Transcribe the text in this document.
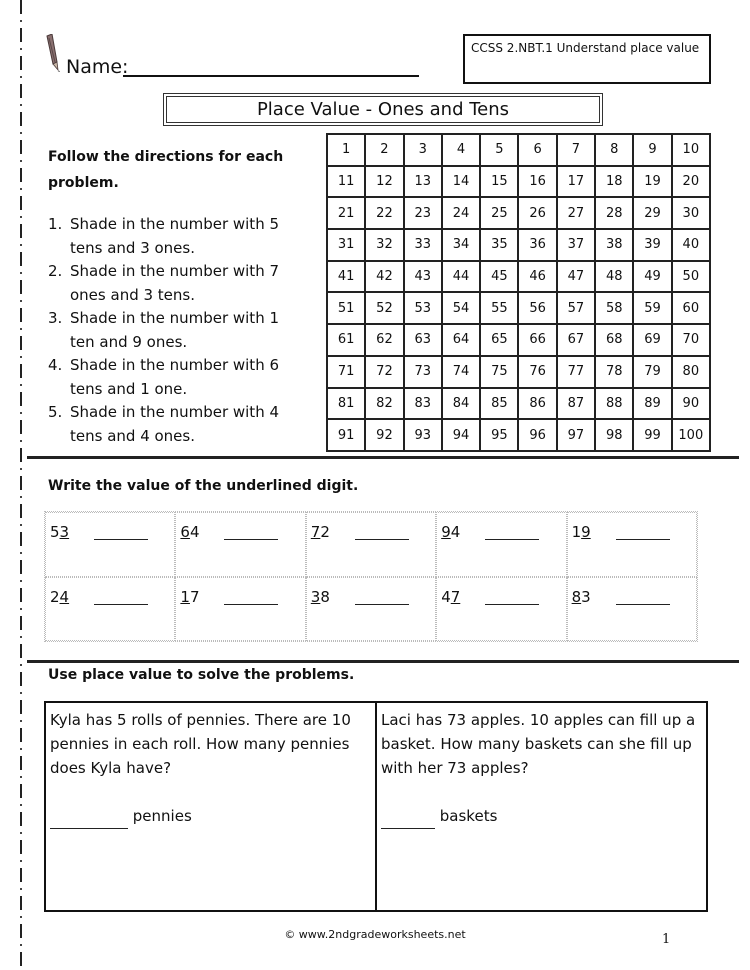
Name:
CCSS 2.NBT.1 Understand place value
Place Value - Ones and Tens
Follow the directions for each problem.
1. Shade in the number with 5 tens and 3 ones.
2. Shade in the number with 7 ones and 3 tens.
3. Shade in the number with 1 ten and 9 ones.
4. Shade in the number with 6 tens and 1 one.
5. Shade in the number with 4 tens and 4 ones.
1	2	3	4	5	6	7	8	9	10
11	12	13	14	15	16	17	18	19	20
21	22	23	24	25	26	27	28	29	30
31	32	33	34	35	36	37	38	39	40
41	42	43	44	45	46	47	48	49	50
51	52	53	54	55	56	57	58	59	60
61	62	63	64	65	66	67	68	69	70
71	72	73	74	75	76	77	78	79	80
81	82	83	84	85	86	87	88	89	90
91	92	93	94	95	96	97	98	99	100
Write the value of the underlined digit.
53	64	72	94	19
24	17	38	47	83
Use place value to solve the problems.
Kyla has 5 rolls of pennies. There are 10 pennies in each roll. How many pennies does Kyla have?
pennies
Laci has 73 apples. 10 apples can fill up a basket. How many baskets can she fill up with her 73 apples?
baskets
© www.2ndgradeworksheets.net	1
